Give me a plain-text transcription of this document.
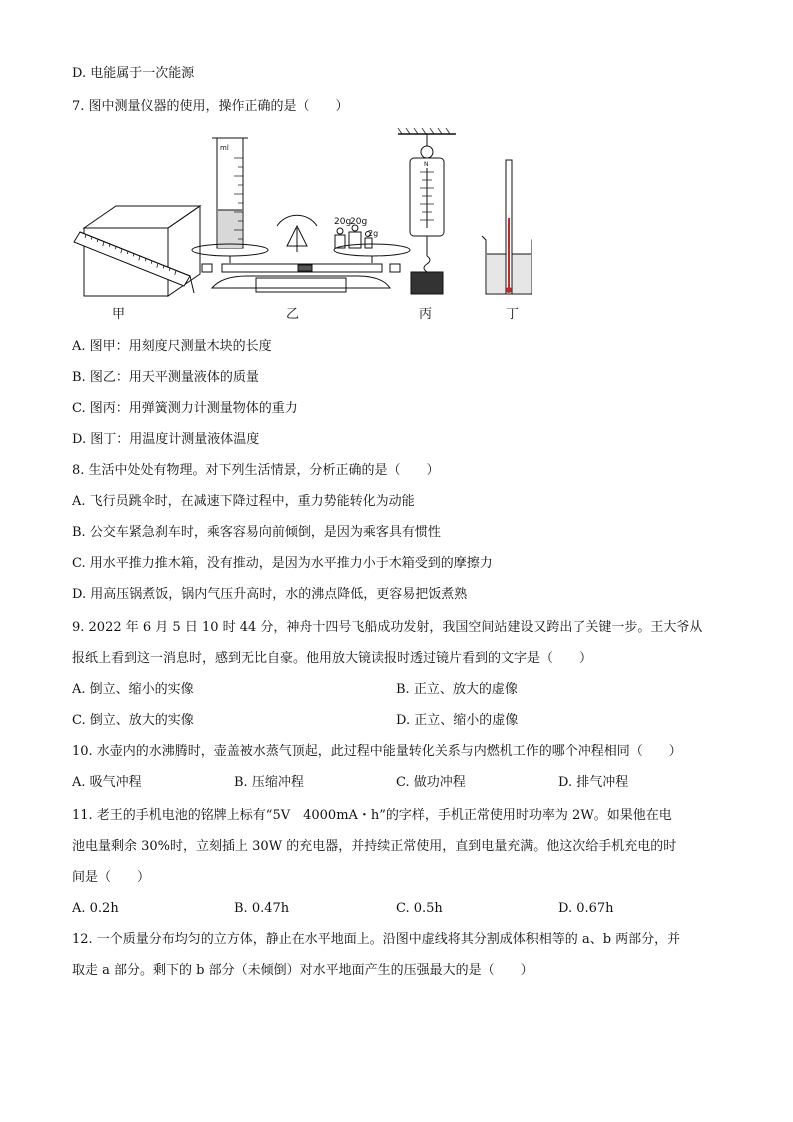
D. 电能属于一次能源
7. 图中测量仪器的使用，操作正确的是（　　）
ml
20g
20g
2g
N
甲	乙	丙	丁
A. 图甲：用刻度尺测量木块的长度
B. 图乙：用天平测量液体的质量
C. 图丙：用弹簧测力计测量物体的重力
D. 图丁：用温度计测量液体温度
8. 生活中处处有物理。对下列生活情景，分析正确的是（　　）
A. 飞行员跳伞时，在减速下降过程中，重力势能转化为动能
B. 公交车紧急刹车时，乘客容易向前倾倒，是因为乘客具有惯性
C. 用水平推力推木箱，没有推动，是因为水平推力小于木箱受到的摩擦力
D. 用高压锅煮饭，锅内气压升高时，水的沸点降低，更容易把饭煮熟
9. 2022 年 6 月 5 日 10 时 44 分，神舟十四号飞船成功发射，我国空间站建设又跨出了关键一步。王大爷从
报纸上看到这一消息时，感到无比自豪。他用放大镜读报时透过镜片看到的文字是（　　）
A. 倒立、缩小的实像	B. 正立、放大的虚像
C. 倒立、放大的实像	D. 正立、缩小的虚像
10. 水壶内的水沸腾时，壶盖被水蒸气顶起，此过程中能量转化关系与内燃机工作的哪个冲程相同（　　）
A. 吸气冲程	B. 压缩冲程	C. 做功冲程	D. 排气冲程
11. 老王的手机电池的铭牌上标有“5V　4000mA・h”的字样，手机正常使用时功率为 2W。如果他在电
池电量剩余 30%时，立刻插上 30W 的充电器，并持续正常使用，直到电量充满。他这次给手机充电的时
间是（　　）
A. 0.2h	B. 0.47h	C. 0.5h	D. 0.67h
12. 一个质量分布均匀的立方体，静止在水平地面上。沿图中虚线将其分割成体积相等的 a、b 两部分，并
取走 a 部分。剩下的 b 部分（未倾倒）对水平地面产生的压强最大的是（　　）
